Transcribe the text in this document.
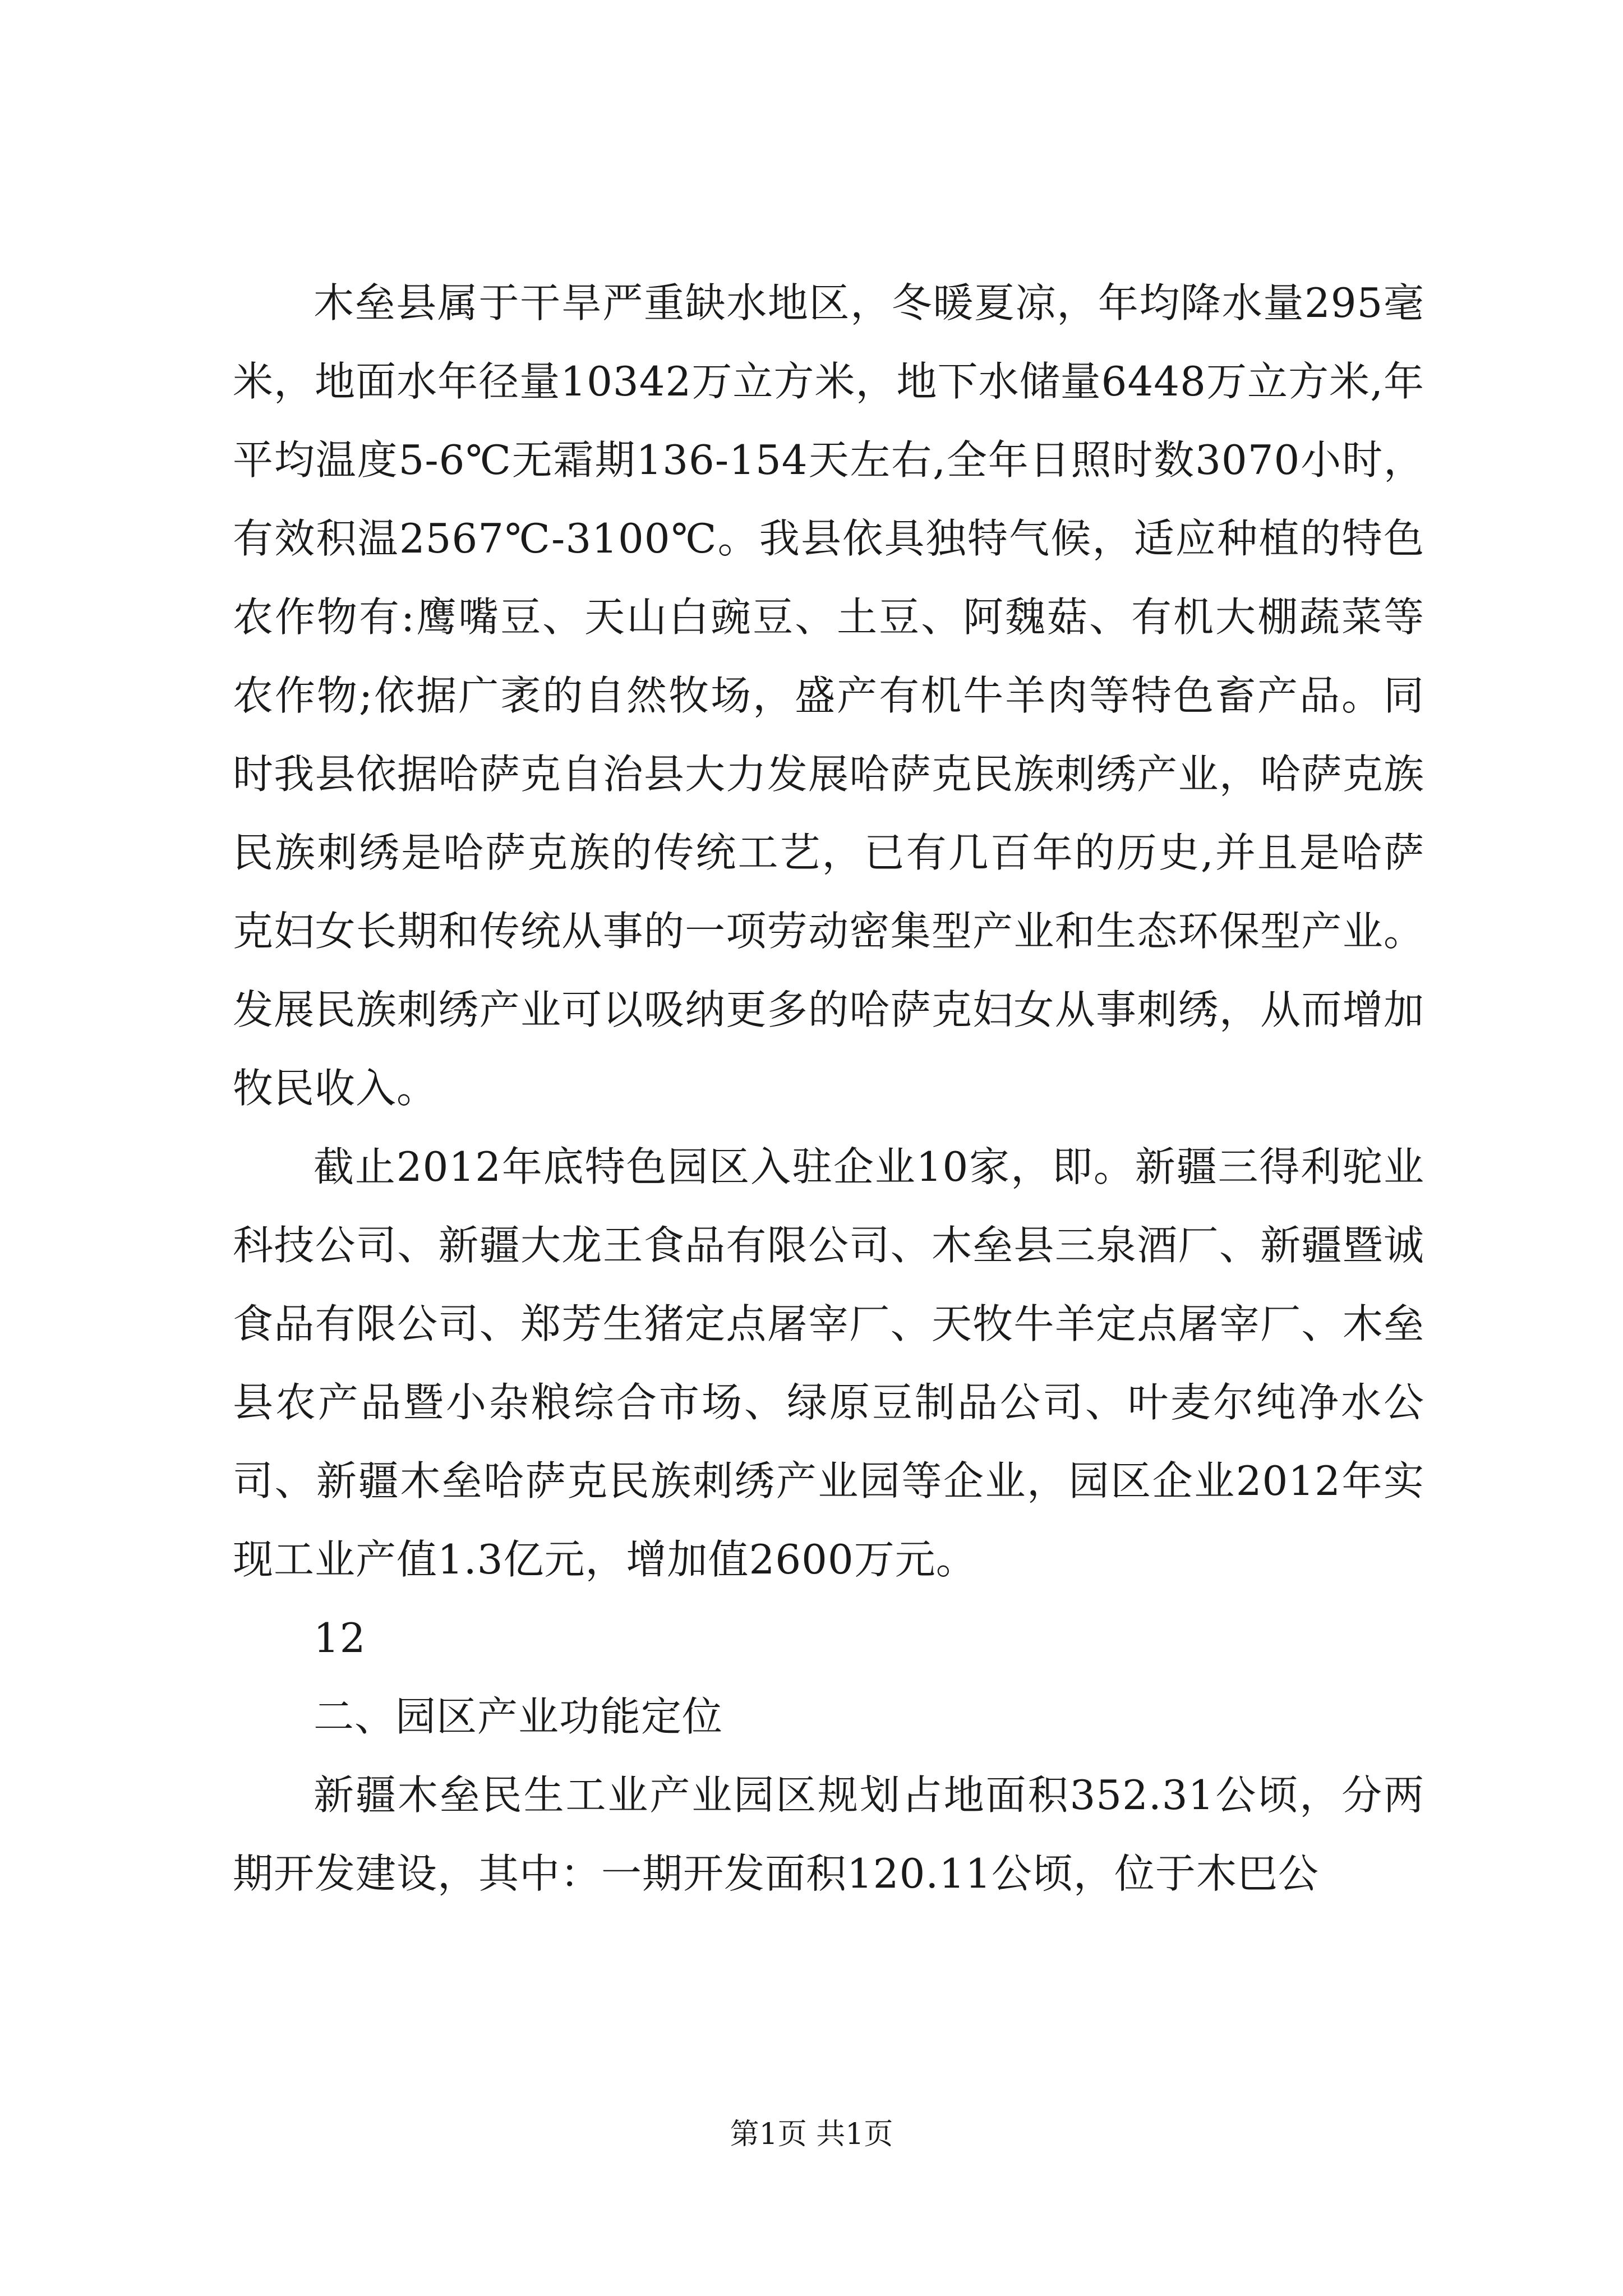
木垒县属于干旱严重缺水地区，冬暖夏凉，年均降水量295毫米，地面水年径量10342万立方米，地下水储量6448万立方米,年平均温度5-6℃无霜期136-154天左右,全年日照时数3070小时，有效积温2567℃-3100℃。我县依具独特气候，适应种植的特色农作物有:鹰嘴豆、天山白豌豆、土豆、阿魏菇、有机大棚蔬菜等农作物;依据广袤的自然牧场，盛产有机牛羊肉等特色畜产品。同时我县依据哈萨克自治县大力发展哈萨克民族刺绣产业，哈萨克族民族刺绣是哈萨克族的传统工艺，已有几百年的历史,并且是哈萨克妇女长期和传统从事的一项劳动密集型产业和生态环保型产业。发展民族刺绣产业可以吸纳更多的哈萨克妇女从事刺绣，从而增加牧民收入。

截止2012年底特色园区入驻企业10家，即。新疆三得利驼业科技公司、新疆大龙王食品有限公司、木垒县三泉酒厂、新疆暨诚食品有限公司、郑芳生猪定点屠宰厂、天牧牛羊定点屠宰厂、木垒县农产品暨小杂粮综合市场、绿原豆制品公司、叶麦尔纯净水公司、新疆木垒哈萨克民族刺绣产业园等企业，园区企业2012年实现工业产值1.3亿元，增加值2600万元。

12

二、园区产业功能定位

新疆木垒民生工业产业园区规划占地面积352.31公顷，分两期开发建设，其中：一期开发面积120.11公顷，位于木巴公

第1页 共1页
